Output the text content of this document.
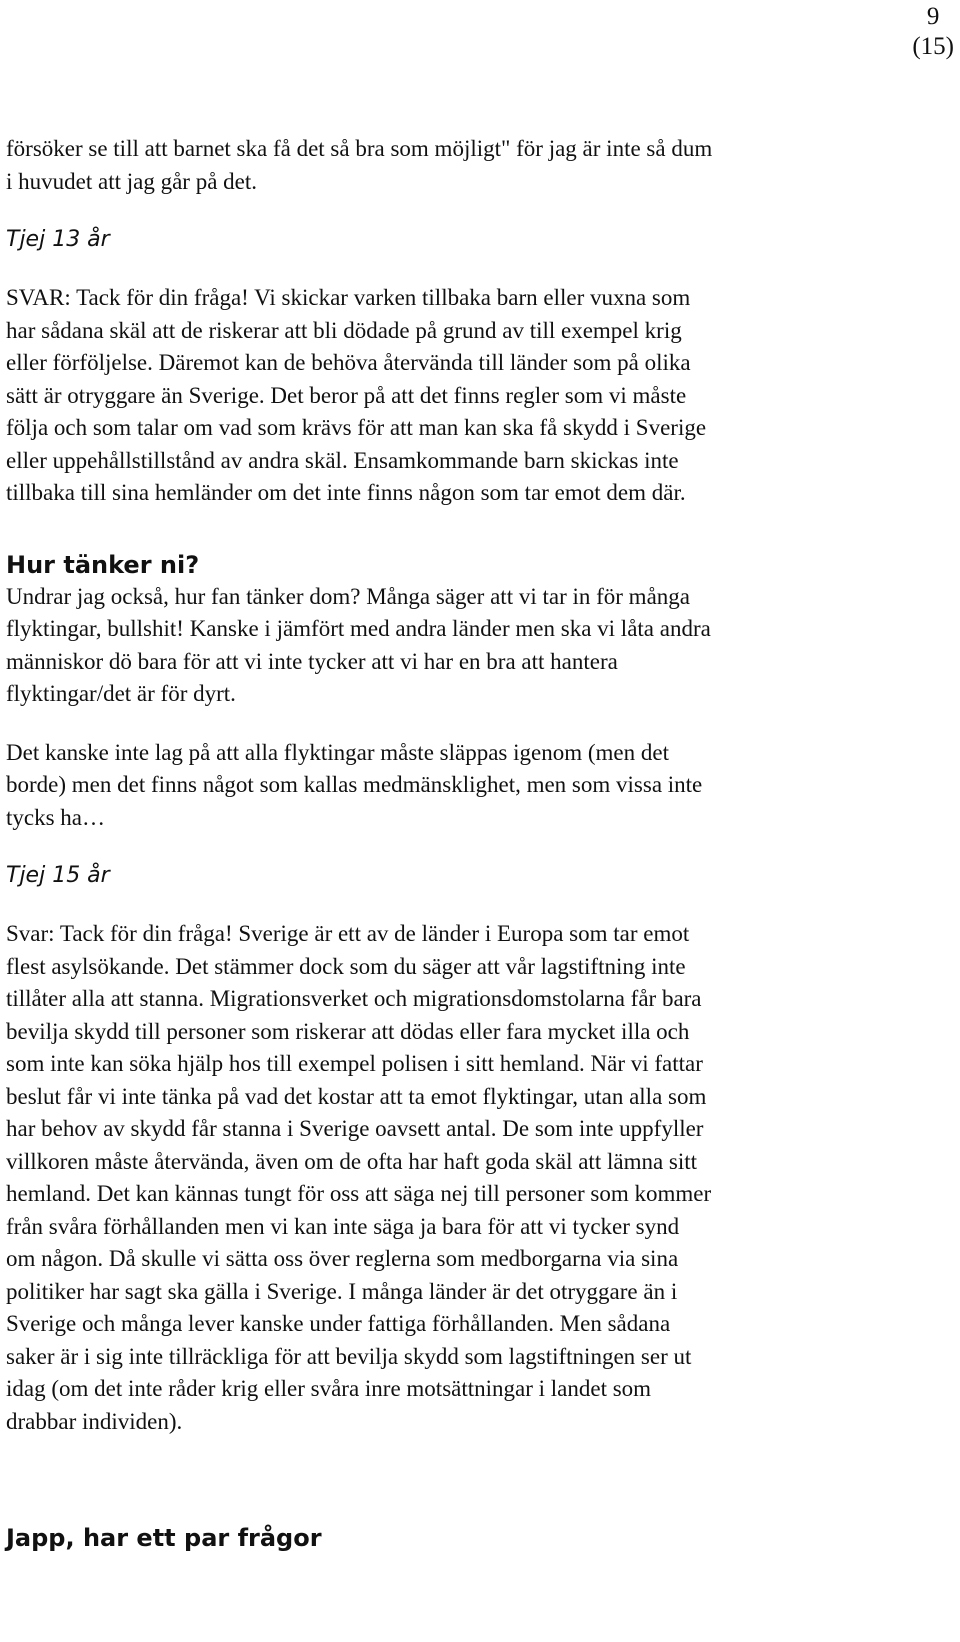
9
(15)
försöker se till att barnet ska få det så bra som möjligt" för jag är inte så dum
i huvudet att jag går på det.
Tjej 13 år
SVAR: Tack för din fråga! Vi skickar varken tillbaka barn eller vuxna som
har sådana skäl att de riskerar att bli dödade på grund av till exempel krig
eller förföljelse. Däremot kan de behöva återvända till länder som på olika
sätt är otryggare än Sverige. Det beror på att det finns regler som vi måste
följa och som talar om vad som krävs för att man kan ska få skydd i Sverige
eller uppehållstillstånd av andra skäl. Ensamkommande barn skickas inte
tillbaka till sina hemländer om det inte finns någon som tar emot dem där.
Hur tänker ni?
Undrar jag också, hur fan tänker dom? Många säger att vi tar in för många
flyktingar, bullshit! Kanske i jämfört med andra länder men ska vi låta andra
människor dö bara för att vi inte tycker att vi har en bra att hantera
flyktingar/det är för dyrt.
Det kanske inte lag på att alla flyktingar måste släppas igenom (men det
borde) men det finns något som kallas medmänsklighet, men som vissa inte
tycks ha…
Tjej 15 år
Svar: Tack för din fråga! Sverige är ett av de länder i Europa som tar emot
flest asylsökande. Det stämmer dock som du säger att vår lagstiftning inte
tillåter alla att stanna. Migrationsverket och migrationsdomstolarna får bara
bevilja skydd till personer som riskerar att dödas eller fara mycket illa och
som inte kan söka hjälp hos till exempel polisen i sitt hemland. När vi fattar
beslut får vi inte tänka på vad det kostar att ta emot flyktingar, utan alla som
har behov av skydd får stanna i Sverige oavsett antal. De som inte uppfyller
villkoren måste återvända, även om de ofta har haft goda skäl att lämna sitt
hemland. Det kan kännas tungt för oss att säga nej till personer som kommer
från svåra förhållanden men vi kan inte säga ja bara för att vi tycker synd
om någon. Då skulle vi sätta oss över reglerna som medborgarna via sina
politiker har sagt ska gälla i Sverige. I många länder är det otryggare än i
Sverige och många lever kanske under fattiga förhållanden. Men sådana
saker är i sig inte tillräckliga för att bevilja skydd som lagstiftningen ser ut
idag (om det inte råder krig eller svåra inre motsättningar i landet som
drabbar individen).
Japp, har ett par frågor
